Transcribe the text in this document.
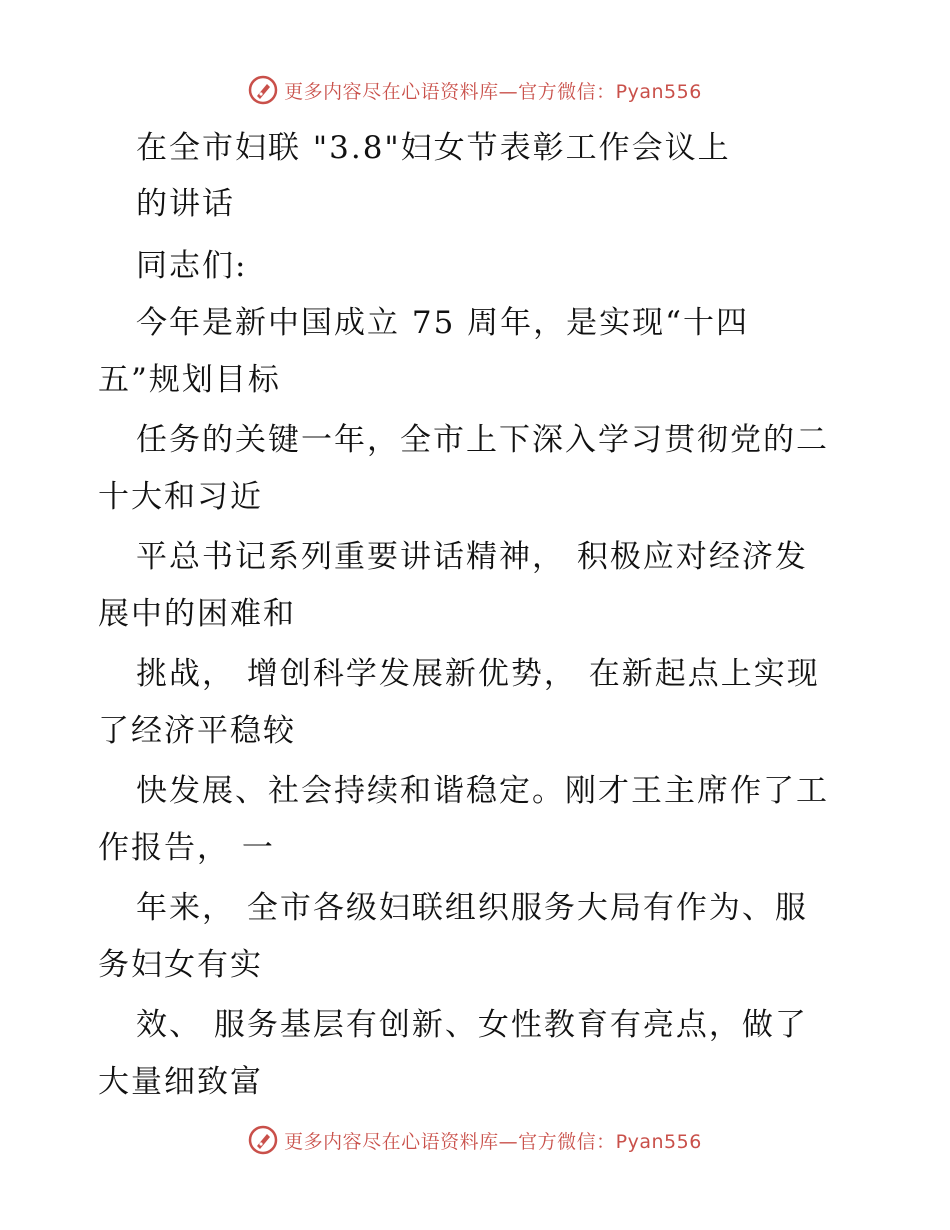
更多内容尽在心语资料库—官方微信：Pyan556
在全市妇联 "3.8"妇女节表彰工作会议上
的讲话
同志们:
今年是新中国成立 75 周年，是实现“十四
五”规划目标
任务的关键一年，全市上下深入学习贯彻党的二
十大和习近
平总书记系列重要讲话精神， 积极应对经济发
展中的困难和
挑战， 增创科学发展新优势， 在新起点上实现
了经济平稳较
快发展、社会持续和谐稳定。刚才王主席作了工
作报告， 一
年来， 全市各级妇联组织服务大局有作为、服
务妇女有实
效、 服务基层有创新、女性教育有亮点，做了
大量细致富
更多内容尽在心语资料库—官方微信：Pyan556
